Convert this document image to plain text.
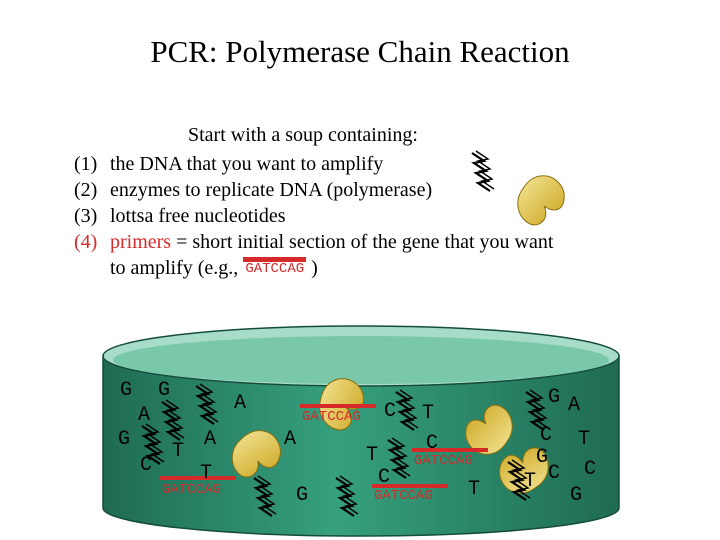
PCR: Polymerase Chain Reaction
Start with a soup containing:
(1) the DNA that you want to amplify
(2) enzymes to replicate DNA (polymerase)
(3) lottsa free nucleotides
(4) primers = short initial section of the gene that you want
to amplify (e.g., GATCCAG )
GATCCAG
GATCCAG
GATCCAG
GATCCAG
G G
A
A
G
T
A	A
C T
C
C
T
C
T
G
A
C T
G
C
T
C
G
G
T
